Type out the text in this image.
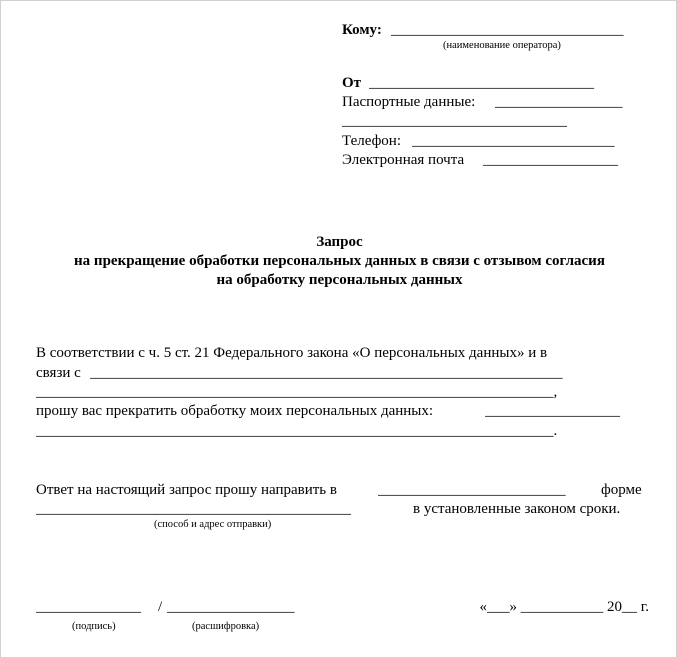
Кому: _______________________________
(наименование оператора)
От ______________________________
Паспортные данные: _________________
______________________________
Телефон: ___________________________
Электронная почта __________________
Запрос
на прекращение обработки персональных данных в связи с отзывом согласия
на обработку персональных данных
В соответствии с ч. 5 ст. 21 Федерального закона «О персональных данных» и в
связи с _______________________________________________________________
_____________________________________________________________________,
прошу вас прекратить обработку моих персональных данных:	__________________
_____________________________________________________________________.
Ответ на настоящий запрос прошу направить в	_________________________	форме
__________________________________________	в установленные законом сроки.
(способ и адрес отправки)
______________	/ _________________
(подпись)	(расшифровка)
«___» ___________ 20__ г.
